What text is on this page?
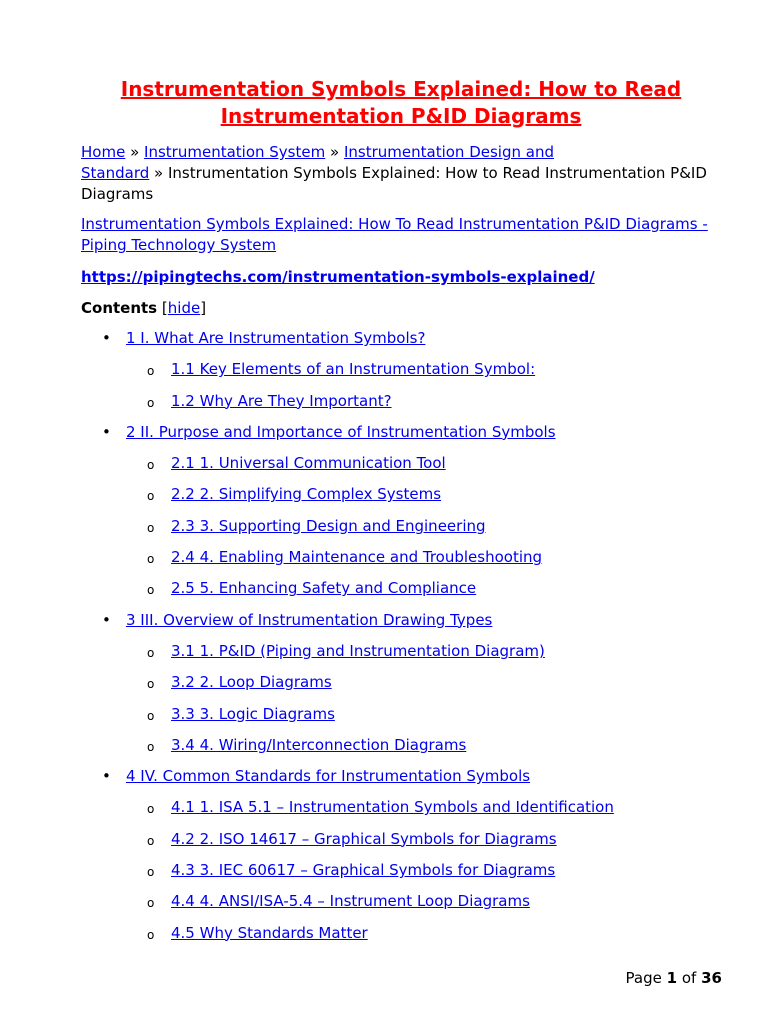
Instrumentation Symbols Explained: How to Read
Instrumentation P&ID Diagrams
Home » Instrumentation System » Instrumentation Design and
Standard » Instrumentation Symbols Explained: How to Read Instrumentation P&ID Diagrams
Instrumentation Symbols Explained: How To Read Instrumentation P&ID Diagrams -
Piping Technology System
https://pipingtechs.com/instrumentation-symbols-explained/
Contents [hide]
• 1 I. What Are Instrumentation Symbols?
o 1.1 Key Elements of an Instrumentation Symbol:
o 1.2 Why Are They Important?
• 2 II. Purpose and Importance of Instrumentation Symbols
o 2.1 1. Universal Communication Tool
o 2.2 2. Simplifying Complex Systems
o 2.3 3. Supporting Design and Engineering
o 2.4 4. Enabling Maintenance and Troubleshooting
o 2.5 5. Enhancing Safety and Compliance
• 3 III. Overview of Instrumentation Drawing Types
o 3.1 1. P&ID (Piping and Instrumentation Diagram)
o 3.2 2. Loop Diagrams
o 3.3 3. Logic Diagrams
o 3.4 4. Wiring/Interconnection Diagrams
• 4 IV. Common Standards for Instrumentation Symbols
o 4.1 1. ISA 5.1 – Instrumentation Symbols and Identification
o 4.2 2. ISO 14617 – Graphical Symbols for Diagrams
o 4.3 3. IEC 60617 – Graphical Symbols for Diagrams
o 4.4 4. ANSI/ISA-5.4 – Instrument Loop Diagrams
o 4.5 Why Standards Matter
Page 1 of 36
